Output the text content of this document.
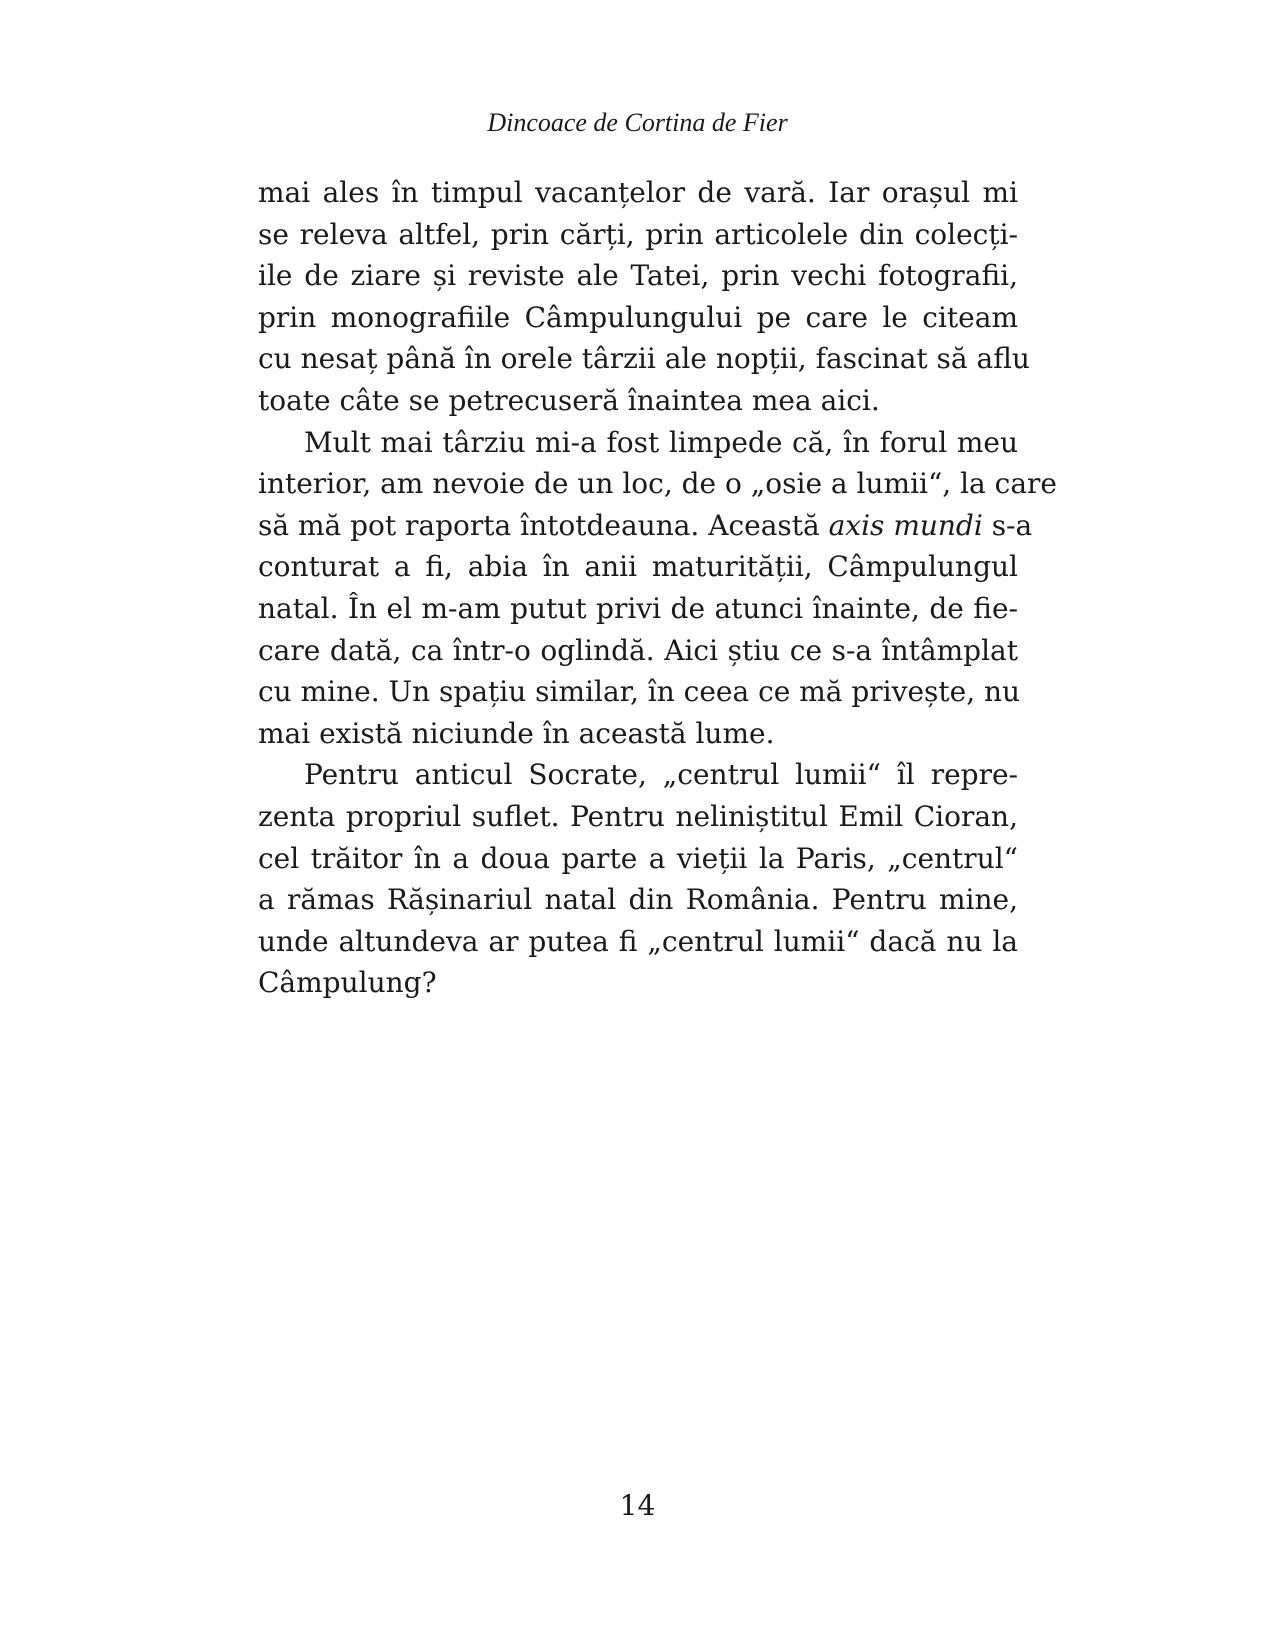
Dincoace de Cortina de Fier
mai ales în timpul vacanțelor de vară. Iar orașul mi
se releva altfel, prin cărți, prin articolele din colecți-
ile de ziare și reviste ale Tatei, prin vechi fotografii,
prin monografiile Câmpulungului pe care le citeam
cu nesaț până în orele târzii ale nopții, fascinat să aflu
toate câte se petrecuseră înaintea mea aici.
Mult mai târziu mi-a fost limpede că, în forul meu
interior, am nevoie de un loc, de o „osie a lumii“, la care
să mă pot raporta întotdeauna. Această axis mundi s-a
conturat a fi, abia în anii maturității, Câmpulungul
natal. În el m-am putut privi de atunci înainte, de fie-
care dată, ca într-o oglindă. Aici știu ce s-a întâmplat
cu mine. Un spațiu similar, în ceea ce mă privește, nu
mai există niciunde în această lume.
Pentru anticul Socrate, „centrul lumii“ îl repre-
zenta propriul suflet. Pentru neliniștitul Emil Cioran,
cel trăitor în a doua parte a vieții la Paris, „centrul“
a rămas Rășinariul natal din România. Pentru mine,
unde altundeva ar putea fi „centrul lumii“ dacă nu la
Câmpulung?
14
